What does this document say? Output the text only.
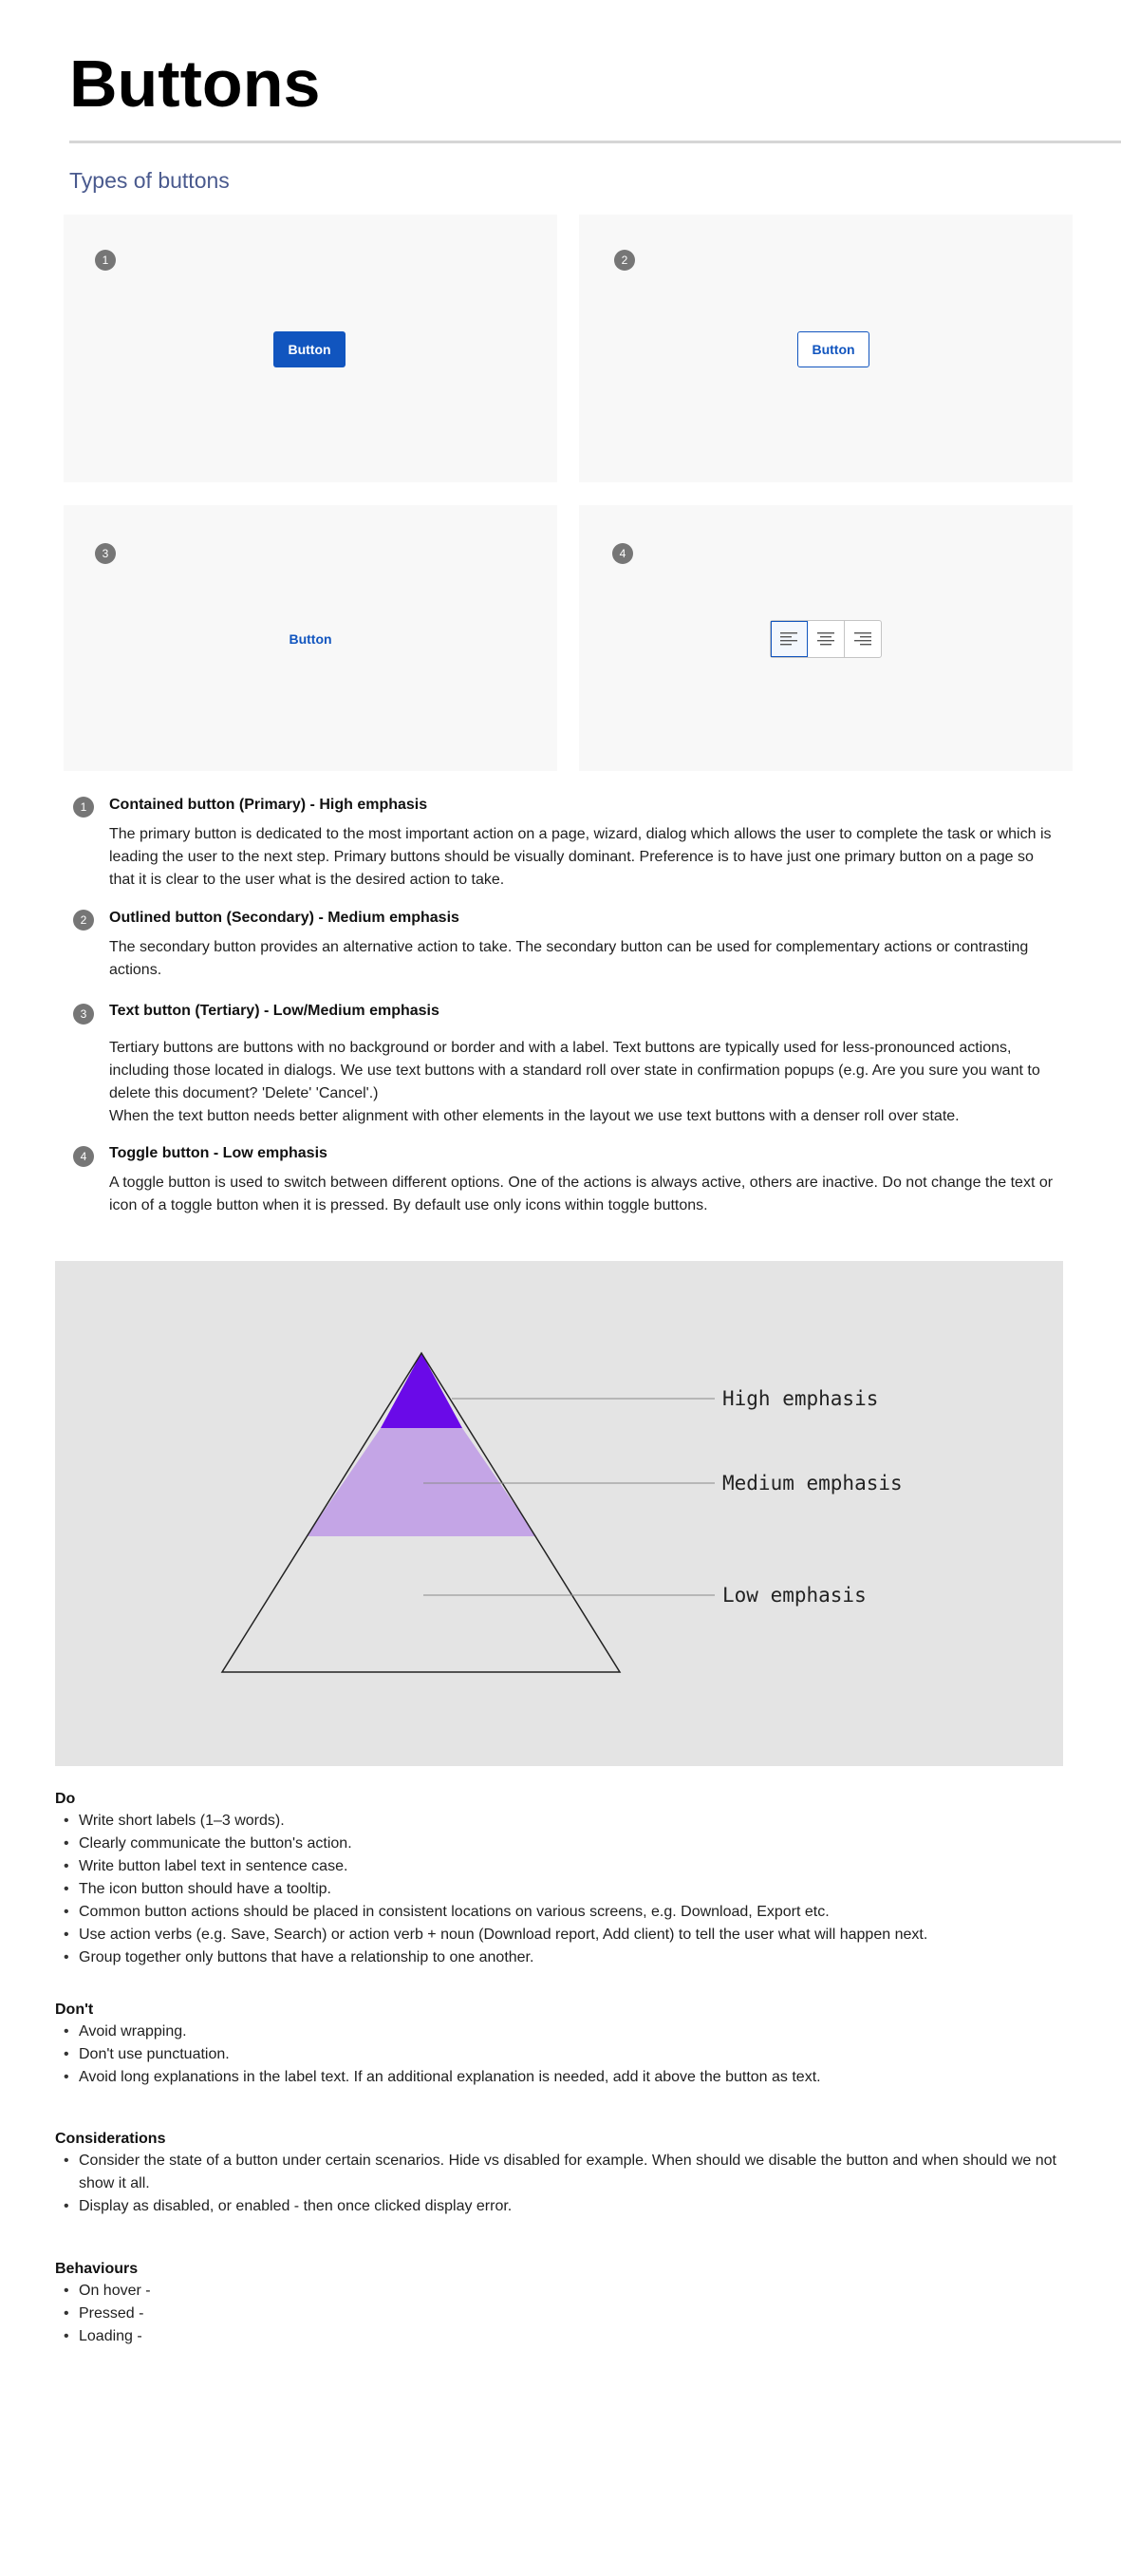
Buttons
Types of buttons
1	2
3	4
Button	Button
Button
1	Contained button (Primary) - High emphasis

The primary button is dedicated to the most important action on a page, wizard, dialog which allows the user to complete the task or which is leading the user to the next step. Primary buttons should be visually dominant. Preference is to have just one primary button on a page so that it is clear to the user what is the desired action to take.

2	Outlined button (Secondary) - Medium emphasis

The secondary button provides an alternative action to take. The secondary button can be used for complementary actions or contrasting actions.

3	Text button (Tertiary) - Low/Medium emphasis

Tertiary buttons are buttons with no background or border and with a label. Text buttons are typically used for less-pronounced actions, including those located in dialogs. We use text buttons with a standard roll over state in confirmation popups (e.g. Are you sure you want to delete this document? 'Delete' 'Cancel'.)

When the text button needs better alignment with other elements in the layout we use text buttons with a denser roll over state.

4	Toggle button - Low emphasis

A toggle button is used to switch between different options. One of the actions is always active, others are inactive. Do not change the text or icon of a toggle button when it is pressed. By default use only icons within toggle buttons.

High emphasis
Medium emphasis
Low emphasis
Do
• Write short labels (1–3 words).
• Clearly communicate the button's action.
• Write button label text in sentence case.
• The icon button should have a tooltip.
• Common button actions should be placed in consistent locations on various screens, e.g. Download, Export etc.
• Use action verbs (e.g. Save, Search) or action verb + noun (Download report, Add client) to tell the user what will happen next.
• Group together only buttons that have a relationship to one another.
Don't
• Avoid wrapping.
• Don't use punctuation.
• Avoid long explanations in the label text. If an additional explanation is needed, add it above the button as text.
Considerations
• Consider the state of a button under certain scenarios. Hide vs disabled for example. When should we disable the button and when should we not show it all.
• Display as disabled, or enabled - then once clicked display error.
Behaviours
• On hover -
• Pressed -
• Loading -
